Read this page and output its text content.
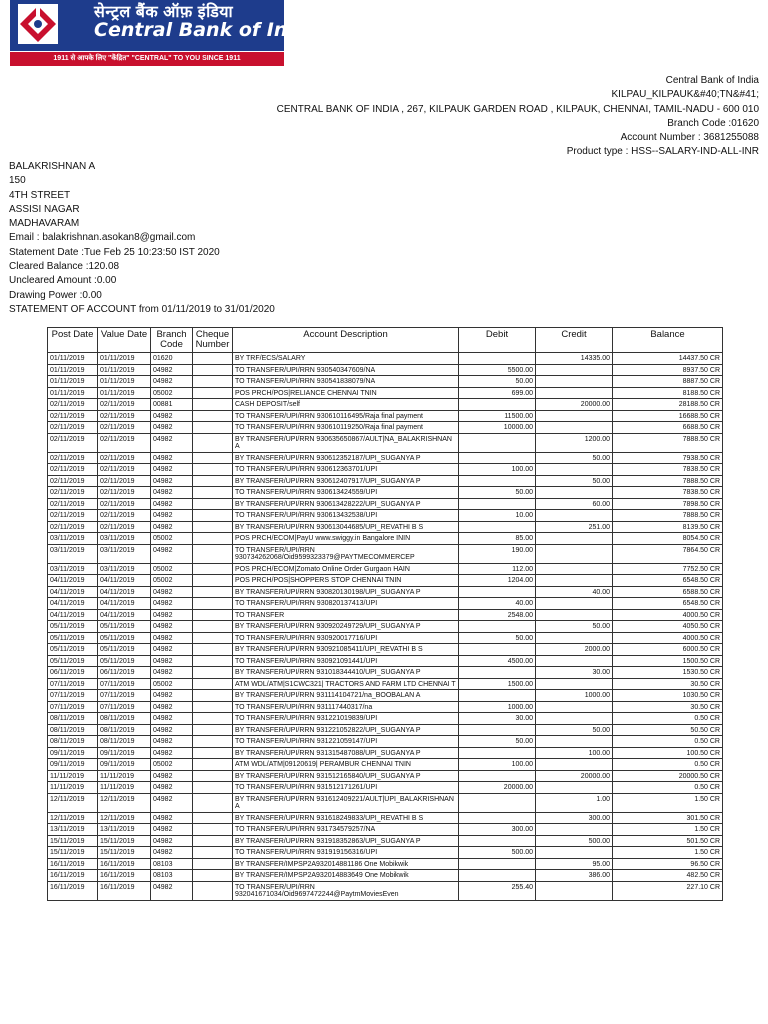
सेन्ट्रल बैंक ऑफ़ इंडिया
Central Bank of India
1911 से आपके लिए "केंद्रित" "CENTRAL" TO YOU SINCE 1911
Central Bank of India
KILPAU_KILPAUK&#40;TN&#41;
CENTRAL BANK OF INDIA , 267, KILPAUK GARDEN ROAD , KILPAUK, CHENNAI, TAMIL-NADU - 600 010
Branch Code :01620
Account Number : 3681255088
Product type : HSS--SALARY-IND-ALL-INR
BALAKRISHNAN A
150
4TH STREET
ASSISI NAGAR
MADHAVARAM
Email : balakrishnan.asokan8@gmail.com
Statement Date :Tue Feb 25 10:23:50 IST 2020
Cleared Balance :120.08
Uncleared Amount :0.00
Drawing Power :0.00
STATEMENT OF ACCOUNT from 01/11/2019 to 31/01/2020
Post Date	Value Date	Branch Code	Cheque Number	Account Description	Debit	Credit	Balance
01/11/2019	01/11/2019	01620		BY TRF/ECS/SALARY		14335.00	14437.50 CR
01/11/2019	01/11/2019	04982		TO TRANSFER/UPI/RRN 930540347609/NA	5500.00		8937.50 CR
01/11/2019	01/11/2019	04982		TO TRANSFER/UPI/RRN 930541838079/NA	50.00		8887.50 CR
01/11/2019	01/11/2019	05002		POS PRCH/POS|RELIANCE CHENNAI TNIN	699.00		8188.50 CR
02/11/2019	02/11/2019	00881		CASH DEPOSIT/self		20000.00	28188.50 CR
02/11/2019	02/11/2019	04982		TO TRANSFER/UPI/RRN 930610116495/Raja final payment	11500.00		16688.50 CR
02/11/2019	02/11/2019	04982		TO TRANSFER/UPI/RRN 930610119250/Raja final payment	10000.00		6688.50 CR
02/11/2019	02/11/2019	04982		BY TRANSFER/UPI/RRN 930635650867/AULT|NA_BALAKRISHNAN A		1200.00	7888.50 CR
02/11/2019	02/11/2019	04982		BY TRANSFER/UPI/RRN 930612352187/UPI_SUGANYA P		50.00	7938.50 CR
02/11/2019	02/11/2019	04982		TO TRANSFER/UPI/RRN 930612363701/UPI	100.00		7838.50 CR
02/11/2019	02/11/2019	04982		BY TRANSFER/UPI/RRN 930612407917/UPI_SUGANYA P		50.00	7888.50 CR
02/11/2019	02/11/2019	04982		TO TRANSFER/UPI/RRN 930613424559/UPI	50.00		7838.50 CR
02/11/2019	02/11/2019	04982		BY TRANSFER/UPI/RRN 930613428222/UPI_SUGANYA P		60.00	7898.50 CR
02/11/2019	02/11/2019	04982		TO TRANSFER/UPI/RRN 930613432538/UPI	10.00		7888.50 CR
02/11/2019	02/11/2019	04982		BY TRANSFER/UPI/RRN 930613044685/UPI_REVATHI B S		251.00	8139.50 CR
03/11/2019	03/11/2019	05002		POS PRCH/ECOM|PayU www.swiggy.in Bangalore ININ	85.00		8054.50 CR
03/11/2019	03/11/2019	04982		TO TRANSFER/UPI/RRN 930734262068/Oid9599323379@PAYTMECOMMERCEP	190.00		7864.50 CR
03/11/2019	03/11/2019	05002		POS PRCH/ECOM|Zomato Online Order Gurgaon HAIN	112.00		7752.50 CR
04/11/2019	04/11/2019	05002		POS PRCH/POS|SHOPPERS STOP CHENNAI TNIN	1204.00		6548.50 CR
04/11/2019	04/11/2019	04982		BY TRANSFER/UPI/RRN 930820130198/UPI_SUGANYA P		40.00	6588.50 CR
04/11/2019	04/11/2019	04982		TO TRANSFER/UPI/RRN 930820137413/UPI	40.00		6548.50 CR
04/11/2019	04/11/2019	04982		TO TRANSFER	2548.00		4000.50 CR
05/11/2019	05/11/2019	04982		BY TRANSFER/UPI/RRN 930920249729/UPI_SUGANYA P		50.00	4050.50 CR
05/11/2019	05/11/2019	04982		TO TRANSFER/UPI/RRN 930920017716/UPI	50.00		4000.50 CR
05/11/2019	05/11/2019	04982		BY TRANSFER/UPI/RRN 930921085411/UPI_REVATHI B S		2000.00	6000.50 CR
05/11/2019	05/11/2019	04982		TO TRANSFER/UPI/RRN 930921091441/UPI	4500.00		1500.50 CR
06/11/2019	06/11/2019	04982		BY TRANSFER/UPI/RRN 931018344410/UPI_SUGANYA P		30.00	1530.50 CR
07/11/2019	07/11/2019	05002		ATM WDL/ATM|S1CWC321| TRACTORS AND FARM LTD CHENNAI T	1500.00		30.50 CR
07/11/2019	07/11/2019	04982		BY TRANSFER/UPI/RRN 931114104721/na_BOOBALAN A		1000.00	1030.50 CR
07/11/2019	07/11/2019	04982		TO TRANSFER/UPI/RRN 931117440317/na	1000.00		30.50 CR
08/11/2019	08/11/2019	04982		TO TRANSFER/UPI/RRN 931221019839/UPI	30.00		0.50 CR
08/11/2019	08/11/2019	04982		BY TRANSFER/UPI/RRN 931221052822/UPI_SUGANYA P		50.00	50.50 CR
08/11/2019	08/11/2019	04982		TO TRANSFER/UPI/RRN 931221059147/UPI	50.00		0.50 CR
09/11/2019	09/11/2019	04982		BY TRANSFER/UPI/RRN 931315487088/UPI_SUGANYA P		100.00	100.50 CR
09/11/2019	09/11/2019	05002		ATM WDL/ATM|09120619| PERAMBUR CHENNAI TNIN	100.00		0.50 CR
11/11/2019	11/11/2019	04982		BY TRANSFER/UPI/RRN 931512165840/UPI_SUGANYA P		20000.00	20000.50 CR
11/11/2019	11/11/2019	04982		TO TRANSFER/UPI/RRN 931512171261/UPI	20000.00		0.50 CR
12/11/2019	12/11/2019	04982		BY TRANSFER/UPI/RRN 931612409221/AULT|UPI_BALAKRISHNAN A		1.00	1.50 CR
12/11/2019	12/11/2019	04982		BY TRANSFER/UPI/RRN 931618249833/UPI_REVATHI B S		300.00	301.50 CR
13/11/2019	13/11/2019	04982		TO TRANSFER/UPI/RRN 931734579257/NA	300.00		1.50 CR
15/11/2019	15/11/2019	04982		BY TRANSFER/UPI/RRN 931918352863/UPI_SUGANYA P		500.00	501.50 CR
15/11/2019	15/11/2019	04982		TO TRANSFER/UPI/RRN 931919156316/UPI	500.00		1.50 CR
16/11/2019	16/11/2019	08103		BY TRANSFER/IMPSP2A932014881186 One Mobikwik		95.00	96.50 CR
16/11/2019	16/11/2019	08103		BY TRANSFER/IMPSP2A932014883649 One Mobikwik		386.00	482.50 CR
16/11/2019	16/11/2019	04982		TO TRANSFER/UPI/RRN 932041671034/Oid9697472244@PaytmMoviesEven	255.40		227.10 CR
